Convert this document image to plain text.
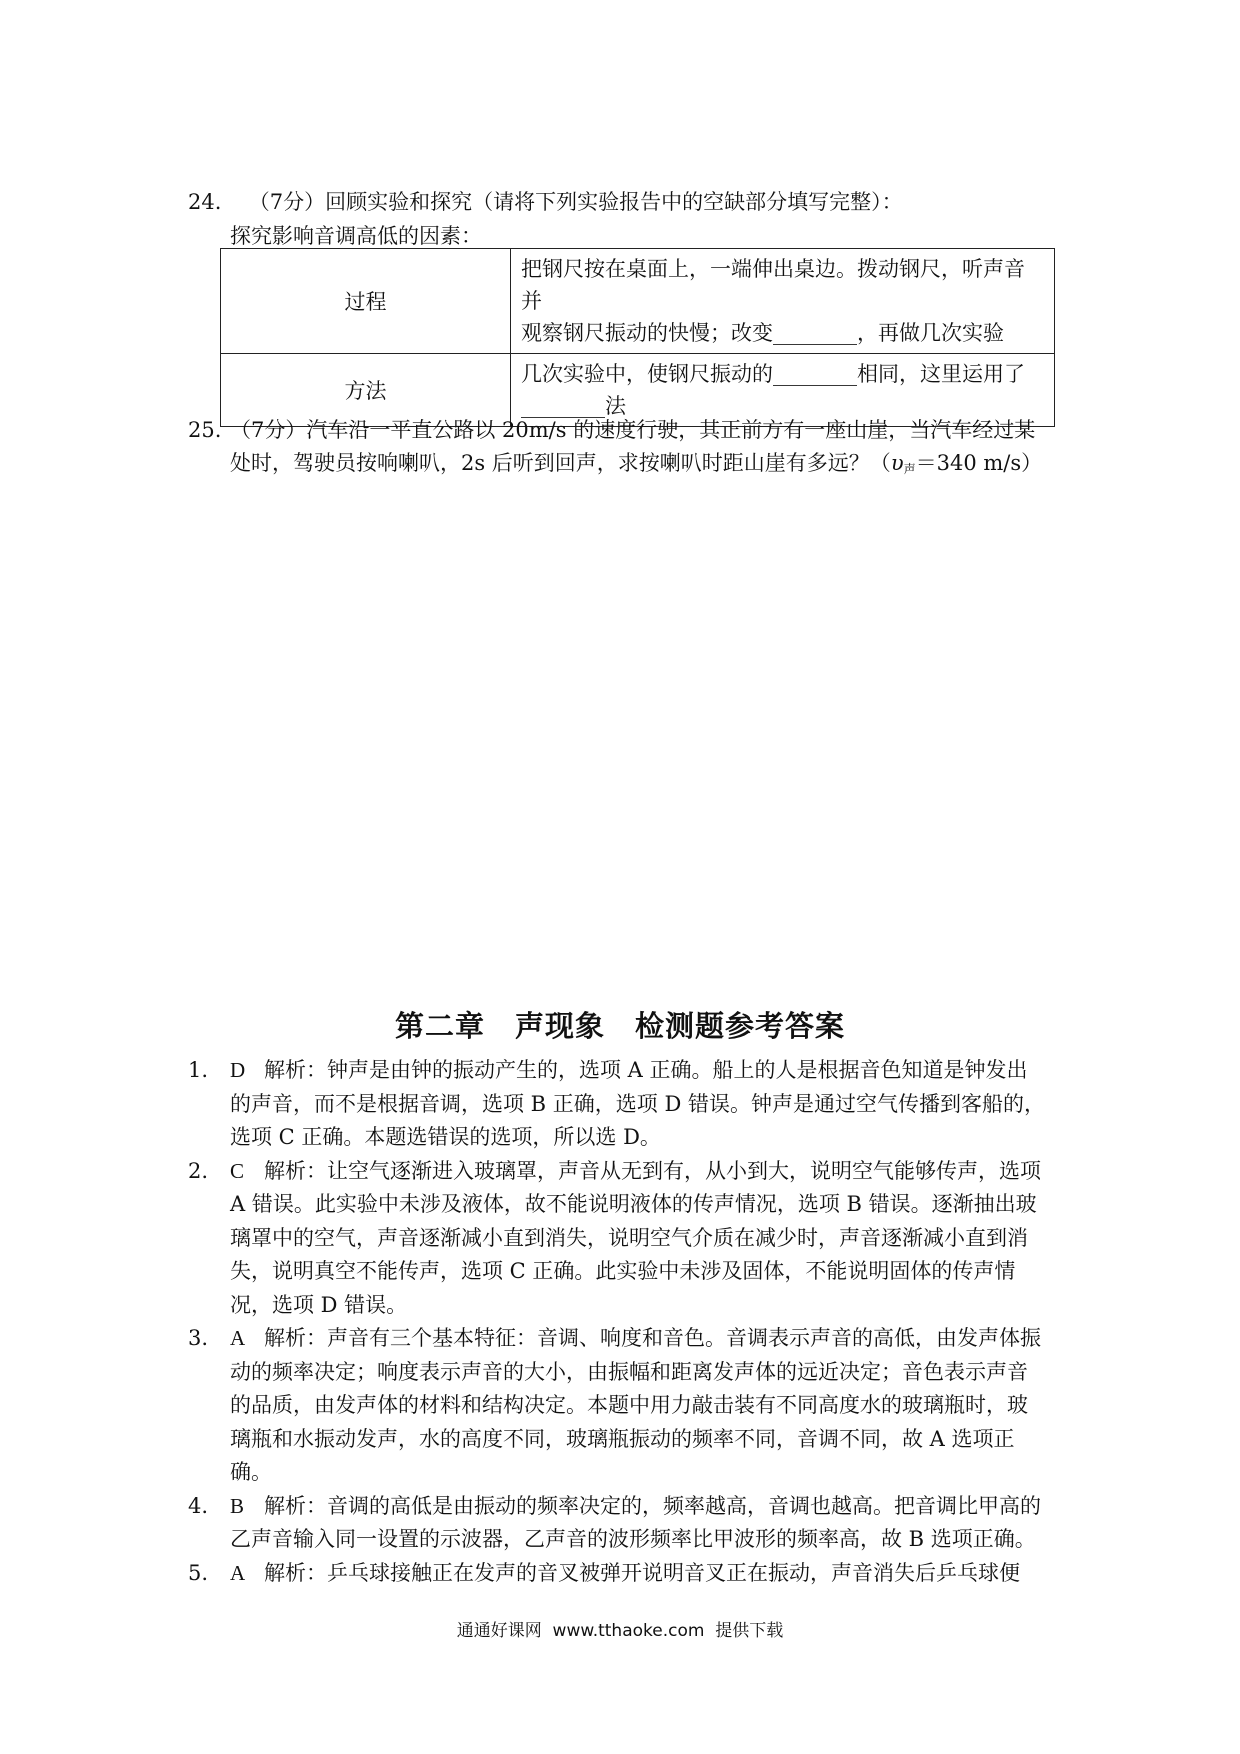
24. （7分）回顾实验和探究（请将下列实验报告中的空缺部分填写完整）：
探究影响音调高低的因素：
过程	把钢尺按在桌面上，一端伸出桌边。拨动钢尺，听声音并
观察钢尺振动的快慢；改变________，再做几次实验
方法	几次实验中，使钢尺振动的________相同，这里运用了
________法
25. （7分）汽车沿一平直公路以 20m/s 的速度行驶，其正前方有一座山崖，当汽车经过某
处时，驾驶员按响喇叭，2s 后听到回声，求按喇叭时距山崖有多远？（υ声＝340 m/s）
第二章　声现象　检测题参考答案
1. D 解析：钟声是由钟的振动产生的，选项 A 正确。船上的人是根据音色知道是钟发出的声音，而不是根据音调，选项 B 正确，选项 D 错误。钟声是通过空气传播到客船的，选项 C 正确。本题选错误的选项，所以选 D。
2. C 解析：让空气逐渐进入玻璃罩，声音从无到有，从小到大，说明空气能够传声，选项 A 错误。此实验中未涉及液体，故不能说明液体的传声情况，选项 B 错误。逐渐抽出玻璃罩中的空气，声音逐渐减小直到消失，说明空气介质在减少时，声音逐渐减小直到消失，说明真空不能传声，选项 C 正确。此实验中未涉及固体，不能说明固体的传声情况，选项 D 错误。
3. A 解析：声音有三个基本特征：音调、响度和音色。音调表示声音的高低，由发声体振动的频率决定；响度表示声音的大小，由振幅和距离发声体的远近决定；音色表示声音的品质，由发声体的材料和结构决定。本题中用力敲击装有不同高度水的玻璃瓶时，玻璃瓶和水振动发声，水的高度不同，玻璃瓶振动的频率不同，音调不同，故 A 选项正确。
4. B 解析：音调的高低是由振动的频率决定的，频率越高，音调也越高。把音调比甲高的乙声音输入同一设置的示波器，乙声音的波形频率比甲波形的频率高，故 B 选项正确。
5. A 解析：乒乓球接触正在发声的音叉被弹开说明音叉正在振动，声音消失后乒乓球便
通通好课网  www.tthaoke.com  提供下载
